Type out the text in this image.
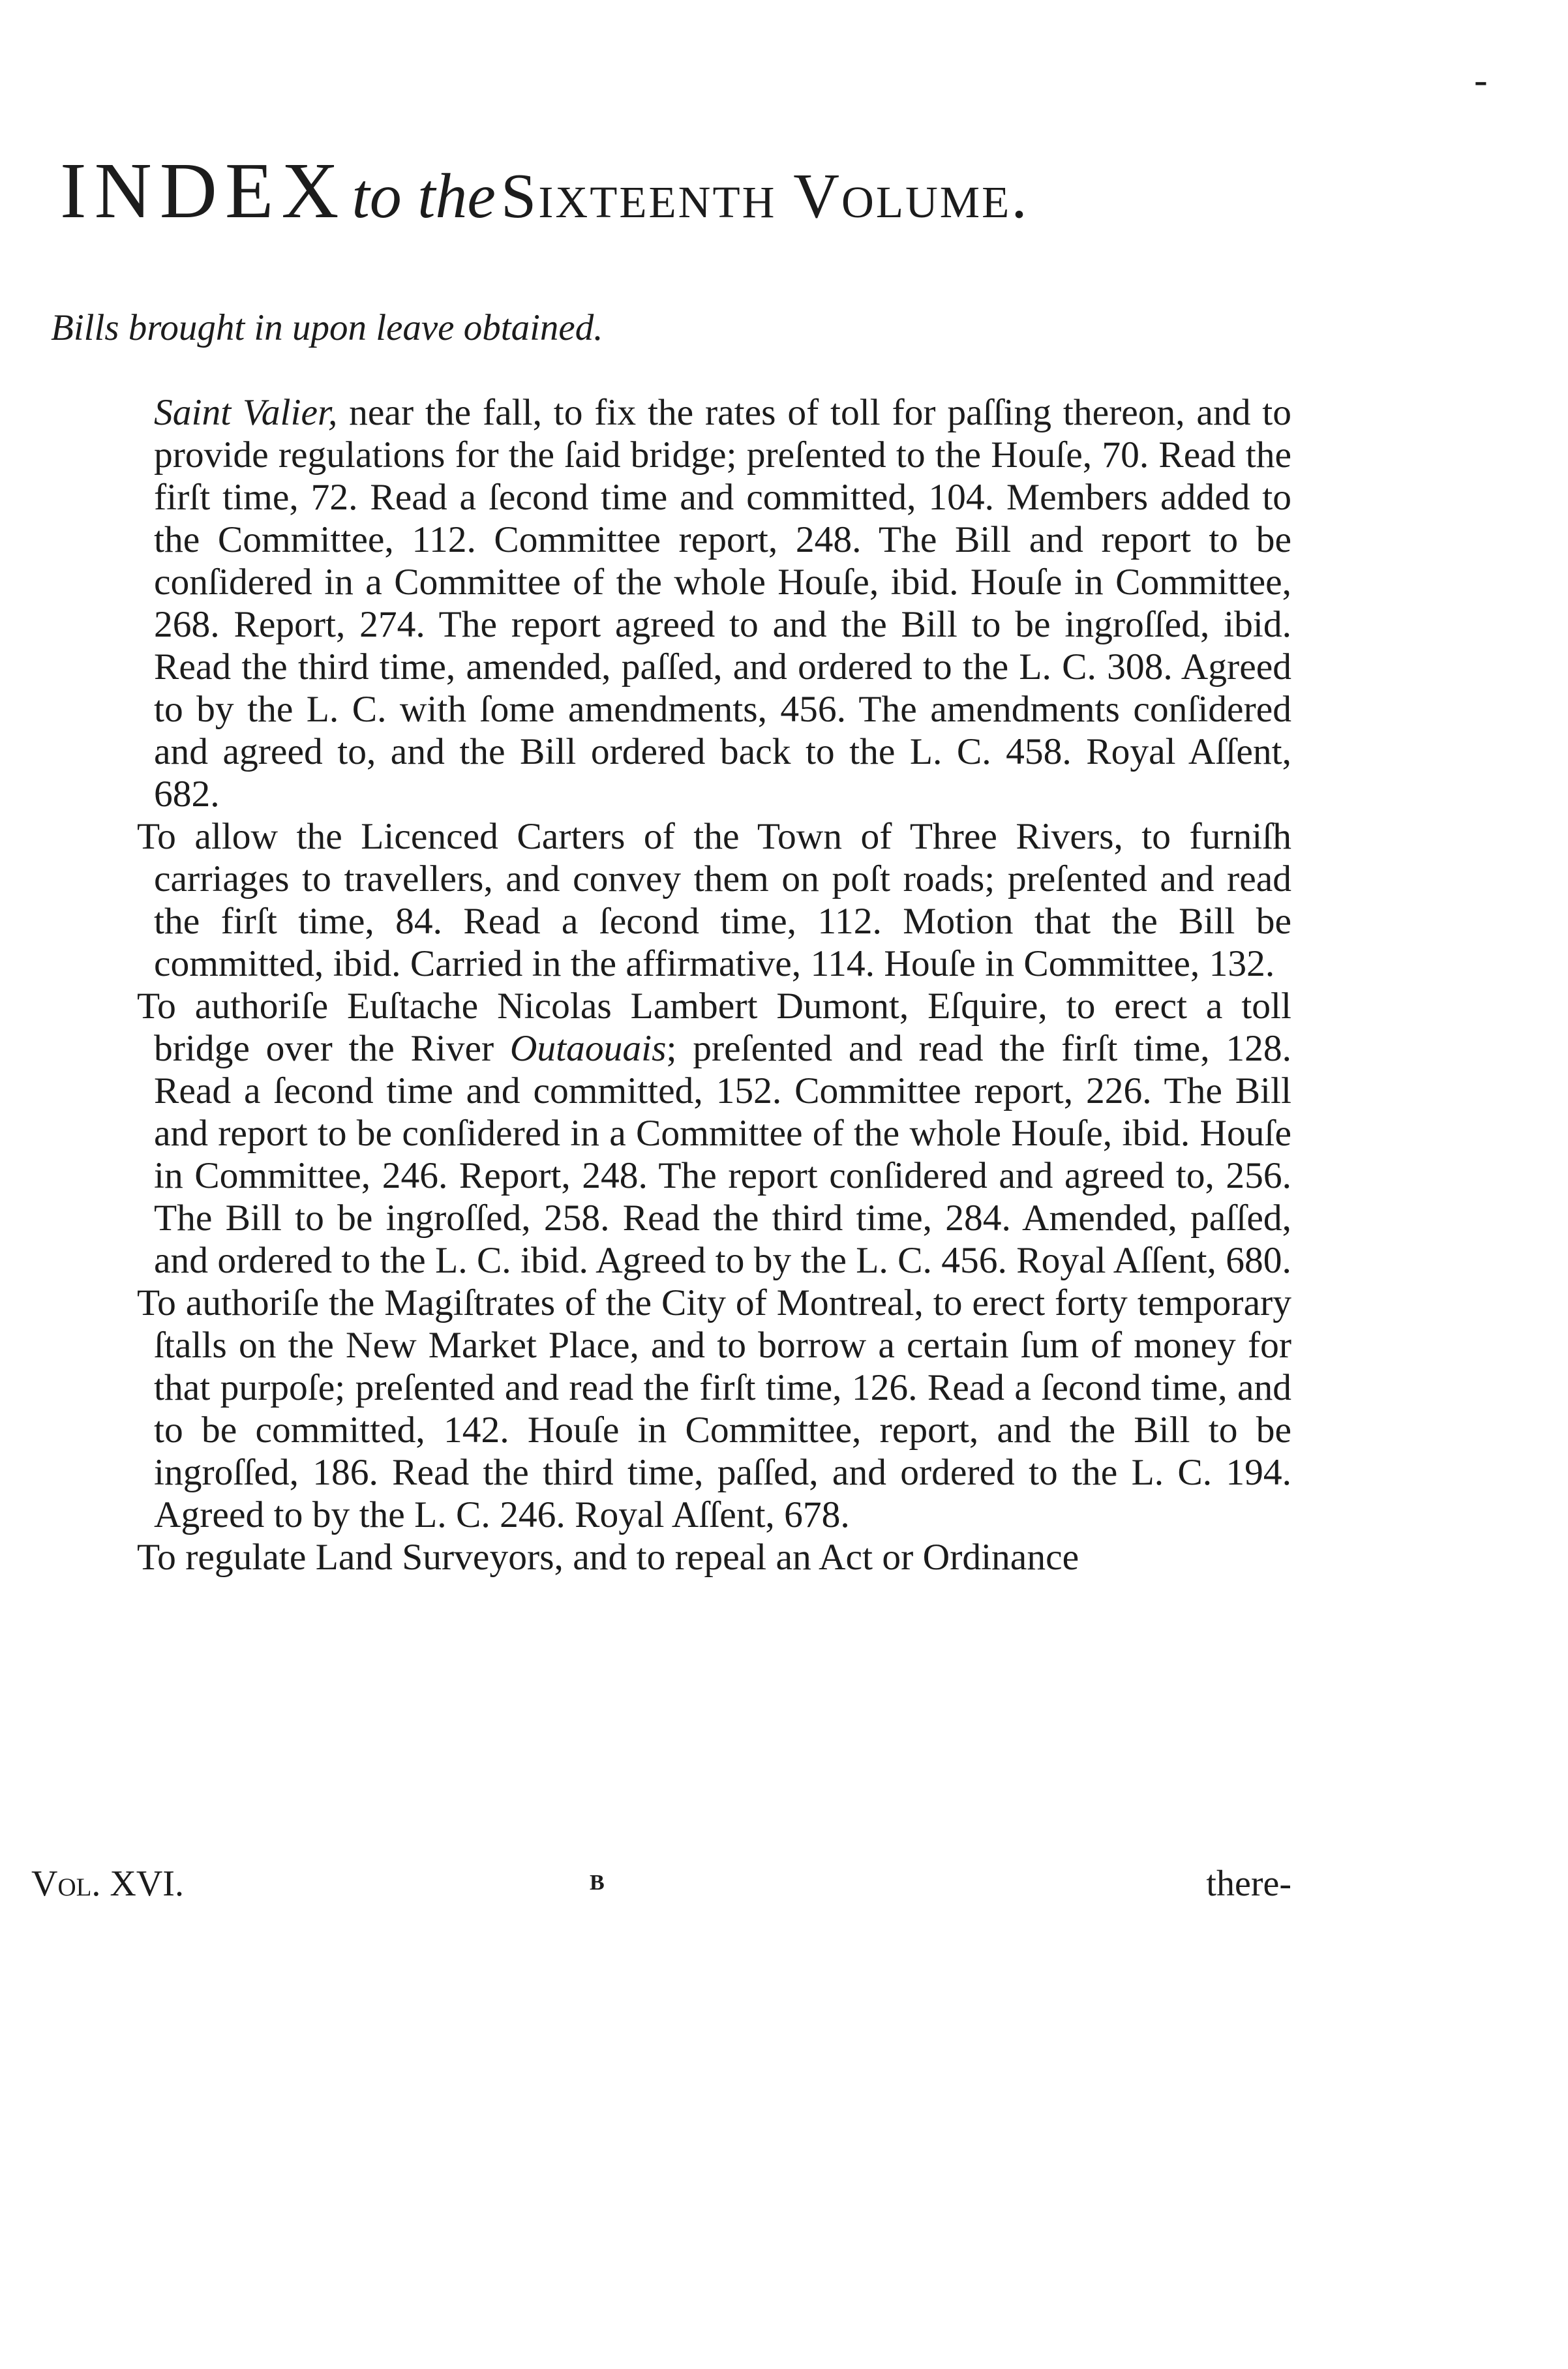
-
INDEX to the Sixteenth Volume.
Bills brought in upon leave obtained.

Saint Valier, near the fall, to fix the rates of toll for paſſing thereon, and to provide regulations for the ſaid bridge; preſented to the Houſe, 70. Read the firſt time, 72. Read a ſecond time and committed, 104. Members added to the Committee, 112. Committee report, 248. The Bill and report to be conſidered in a Committee of the whole Houſe, ibid. Houſe in Committee, 268. Report, 274. The report agreed to and the Bill to be ingroſſed, ibid. Read the third time, amended, paſſed, and ordered to the L. C. 308. Agreed to by the L. C. with ſome amendments, 456. The amendments conſidered and agreed to, and the Bill ordered back to the L. C. 458. Royal Aſſent, 682.

To allow the Licenced Carters of the Town of Three Rivers, to furniſh carriages to travellers, and convey them on poſt roads; preſented and read the firſt time, 84. Read a ſecond time, 112. Motion that the Bill be committed, ibid. Carried in the affirmative, 114. Houſe in Committee, 132.

To authoriſe Euſtache Nicolas Lambert Dumont, Eſquire, to erect a toll bridge over the River Outaouais; preſented and read the firſt time, 128. Read a ſecond time and committed, 152. Committee report, 226. The Bill and report to be conſidered in a Committee of the whole Houſe, ibid. Houſe in Committee, 246. Report, 248. The report conſidered and agreed to, 256. The Bill to be ingroſſed, 258. Read the third time, 284. Amended, paſſed, and ordered to the L. C. ibid. Agreed to by the L. C. 456. Royal Aſſent, 680.

To authoriſe the Magiſtrates of the City of Montreal, to erect forty temporary ſtalls on the New Market Place, and to borrow a certain ſum of money for that purpoſe; preſented and read the firſt time, 126. Read a ſecond time, and to be committed, 142. Houſe in Committee, report, and the Bill to be ingroſſed, 186. Read the third time, paſſed, and ordered to the L. C. 194. Agreed to by the L. C. 246. Royal Aſſent, 678.

To regulate Land Surveyors, and to repeal an Act or Ordinance

Vol. XVI.	B	there-
